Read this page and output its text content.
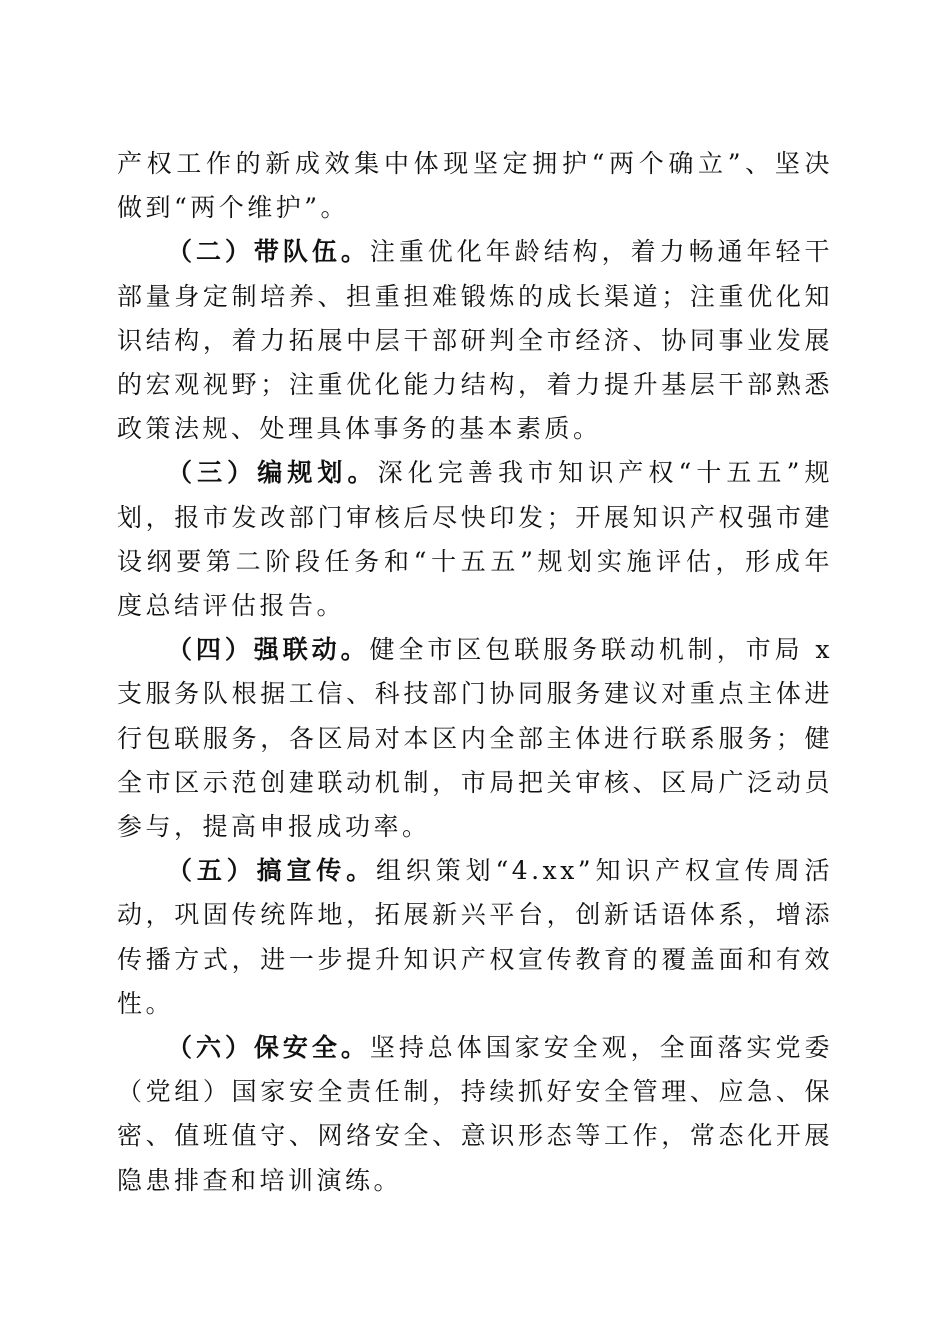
产权工作的新成效集中体现坚定拥护“两个确立”、坚决做到“两个维护”。

（二）带队伍。注重优化年龄结构，着力畅通年轻干部量身定制培养、担重担难锻炼的成长渠道；注重优化知识结构，着力拓展中层干部研判全市经济、协同事业发展的宏观视野；注重优化能力结构，着力提升基层干部熟悉政策法规、处理具体事务的基本素质。

（三）编规划。深化完善我市知识产权“十五五”规划，报市发改部门审核后尽快印发；开展知识产权强市建设纲要第二阶段任务和“十五五”规划实施评估，形成年度总结评估报告。

（四）强联动。健全市区包联服务联动机制，市局 x 支服务队根据工信、科技部门协同服务建议对重点主体进行包联服务，各区局对本区内全部主体进行联系服务；健全市区示范创建联动机制，市局把关审核、区局广泛动员参与，提高申报成功率。

（五）搞宣传。组织策划“4.xx”知识产权宣传周活动，巩固传统阵地，拓展新兴平台，创新话语体系，增添传播方式，进一步提升知识产权宣传教育的覆盖面和有效性。

（六）保安全。坚持总体国家安全观，全面落实党委（党组）国家安全责任制，持续抓好安全管理、应急、保密、值班值守、网络安全、意识形态等工作，常态化开展隐患排查和培训演练。
